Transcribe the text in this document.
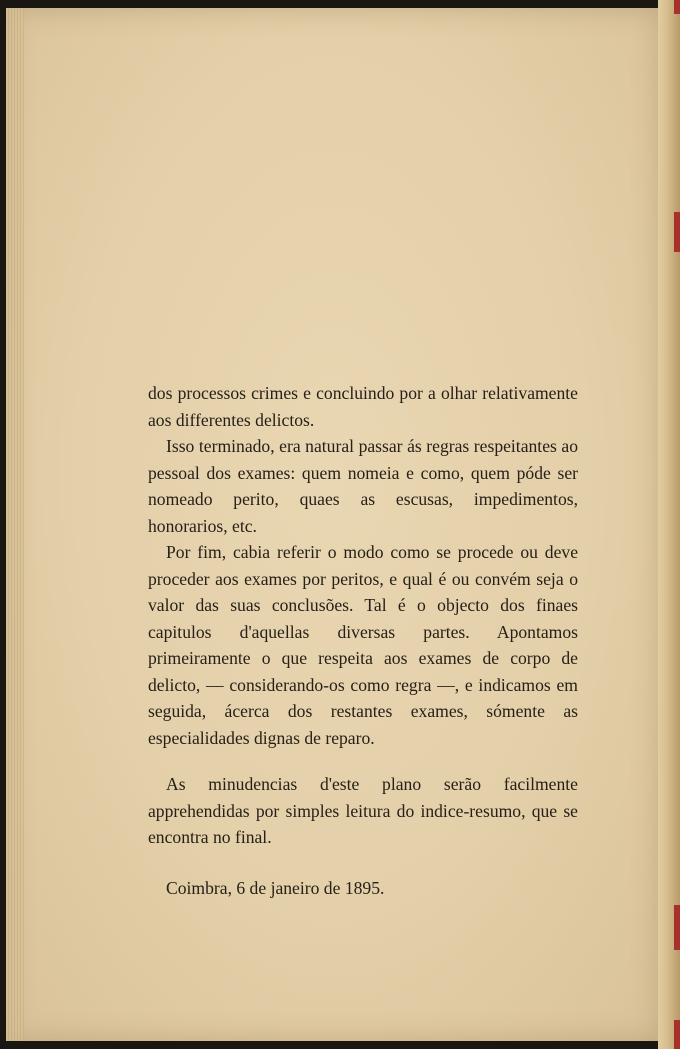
dos processos crimes e concluindo por a olhar relativamente aos differentes delictos.

Isso terminado, era natural passar ás regras respeitantes ao pessoal dos exames: quem nomeia e como, quem póde ser nomeado perito, quaes as escusas, impedimentos, honorarios, etc.

Por fim, cabia referir o modo como se procede ou deve proceder aos exames por peritos, e qual é ou convém seja o valor das suas conclusões. Tal é o objecto dos finaes capitulos d'aquellas diversas partes. Apontamos primeiramente o que respeita aos exames de corpo de delicto, — considerando-os como regra —, e indicamos em seguida, ácerca dos restantes exames, sómente as especialidades dignas de reparo.

As minudencias d'este plano serão facilmente apprehendidas por simples leitura do indice-resumo, que se encontra no final.

Coimbra, 6 de janeiro de 1895.
